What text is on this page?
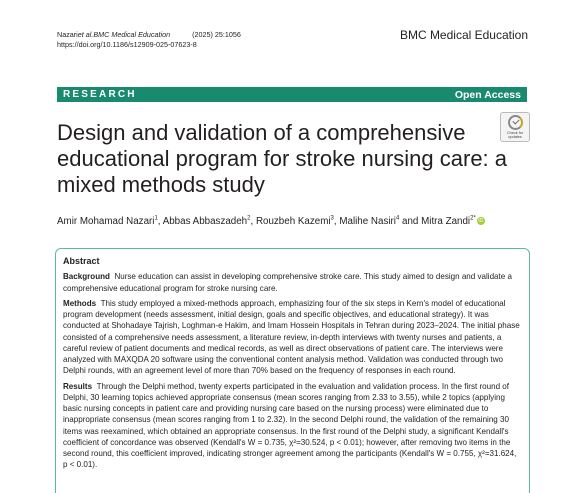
Nazariet al.BMC Medical Education	(2025) 25:1056
https://doi.org/10.1186/s12909-025-07623-8
BMC Medical Education
RESEARCH	Open Access
Check for
updates
Design and validation of a comprehensive educational program for stroke nursing care: a mixed methods study
Amir Mohamad Nazari$^1$, Abbas Abbaszadeh$^2$, Rouzbeh Kazemi$^3$, Malihe Nasiri$^4$ and Mitra Zandi$^{2*}$ iD
Abstract

Background Nurse education can assist in developing comprehensive stroke care. This study aimed to design and validate a comprehensive educational program for stroke nursing care.

Methods This study employed a mixed-methods approach, emphasizing four of the six steps in Kern's model of educational program development (needs assessment, initial design, goals and specific objectives, and educational strategy). It was conducted at Shohadaye Tajrish, Loghman-e Hakim, and Imam Hossein Hospitals in Tehran during 2023–2024. The initial phase consisted of a comprehensive needs assessment, a literature review, in-depth interviews with twenty nurses and patients, a careful review of patient documents and medical records, as well as direct observations of patient care. The interviews were analyzed with MAXQDA 20 software using the conventional content analysis method. Validation was conducted through two Delphi rounds, with an agreement level of more than 70% based on the frequency of responses in each round.

Results Through the Delphi method, twenty experts participated in the evaluation and validation process. In the first round of Delphi, 30 learning topics achieved appropriate consensus (mean scores ranging from 2.33 to 3.55), while 2 topics (applying basic nursing concepts in patient care and providing nursing care based on the nursing process) were eliminated due to inappropriate consensus (mean scores ranging from 1 to 2.32). In the second Delphi round, the validation of the remaining 30 items was reexamined, which obtained an appropriate consensus. In the first round of the Delphi study, a significant Kendall's coefficient of concordance was observed (Kendall's W = 0.735, χ²=30.524, p < 0.01); however, after removing two items in the second round, this coefficient improved, indicating stronger agreement among the participants (Kendall's W = 0.755, χ²=31.624, p < 0.01).
